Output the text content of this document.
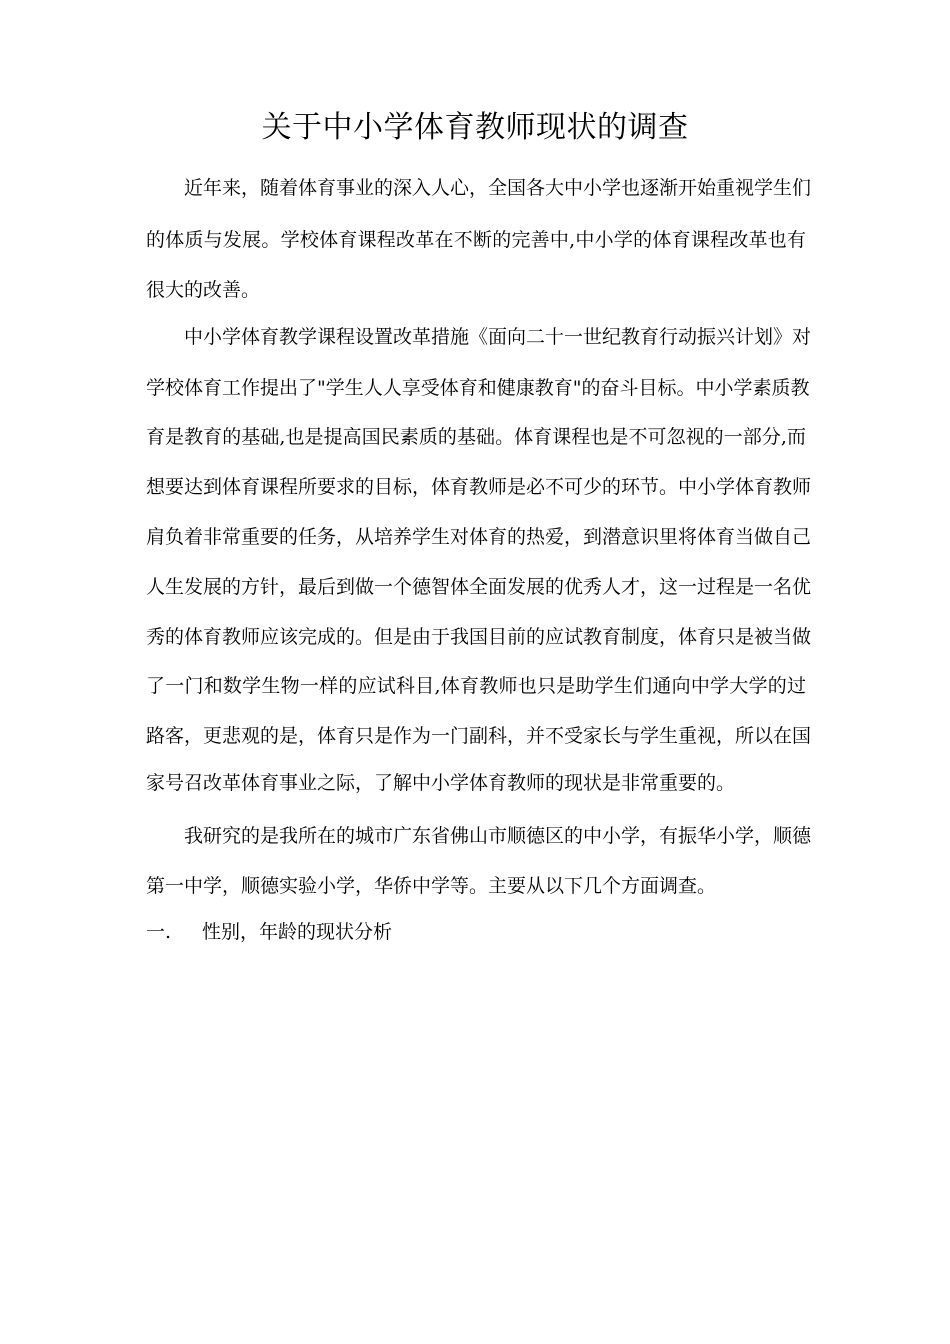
关于中小学体育教师现状的调查

近年来，随着体育事业的深入人心，全国各大中小学也逐渐开始重视学生们

的体质与发展。学校体育课程改革在不断的完善中,中小学的体育课程改革也有

很大的改善。

中小学体育教学课程设置改革措施《面向二十一世纪教育行动振兴计划》对

学校体育工作提出了"学生人人享受体育和健康教育"的奋斗目标。中小学素质教

育是教育的基础,也是提高国民素质的基础。体育课程也是不可忽视的一部分,而

想要达到体育课程所要求的目标，体育教师是必不可少的环节。中小学体育教师

肩负着非常重要的任务，从培养学生对体育的热爱，到潜意识里将体育当做自己

人生发展的方针，最后到做一个德智体全面发展的优秀人才，这一过程是一名优

秀的体育教师应该完成的。但是由于我国目前的应试教育制度，体育只是被当做

了一门和数学生物一样的应试科目,体育教师也只是助学生们通向中学大学的过

路客，更悲观的是，体育只是作为一门副科，并不受家长与学生重视，所以在国

家号召改革体育事业之际，了解中小学体育教师的现状是非常重要的。

我研究的是我所在的城市广东省佛山市顺德区的中小学，有振华小学，顺德

第一中学，顺德实验小学，华侨中学等。主要从以下几个方面调查。

一. 性别，年龄的现状分析
